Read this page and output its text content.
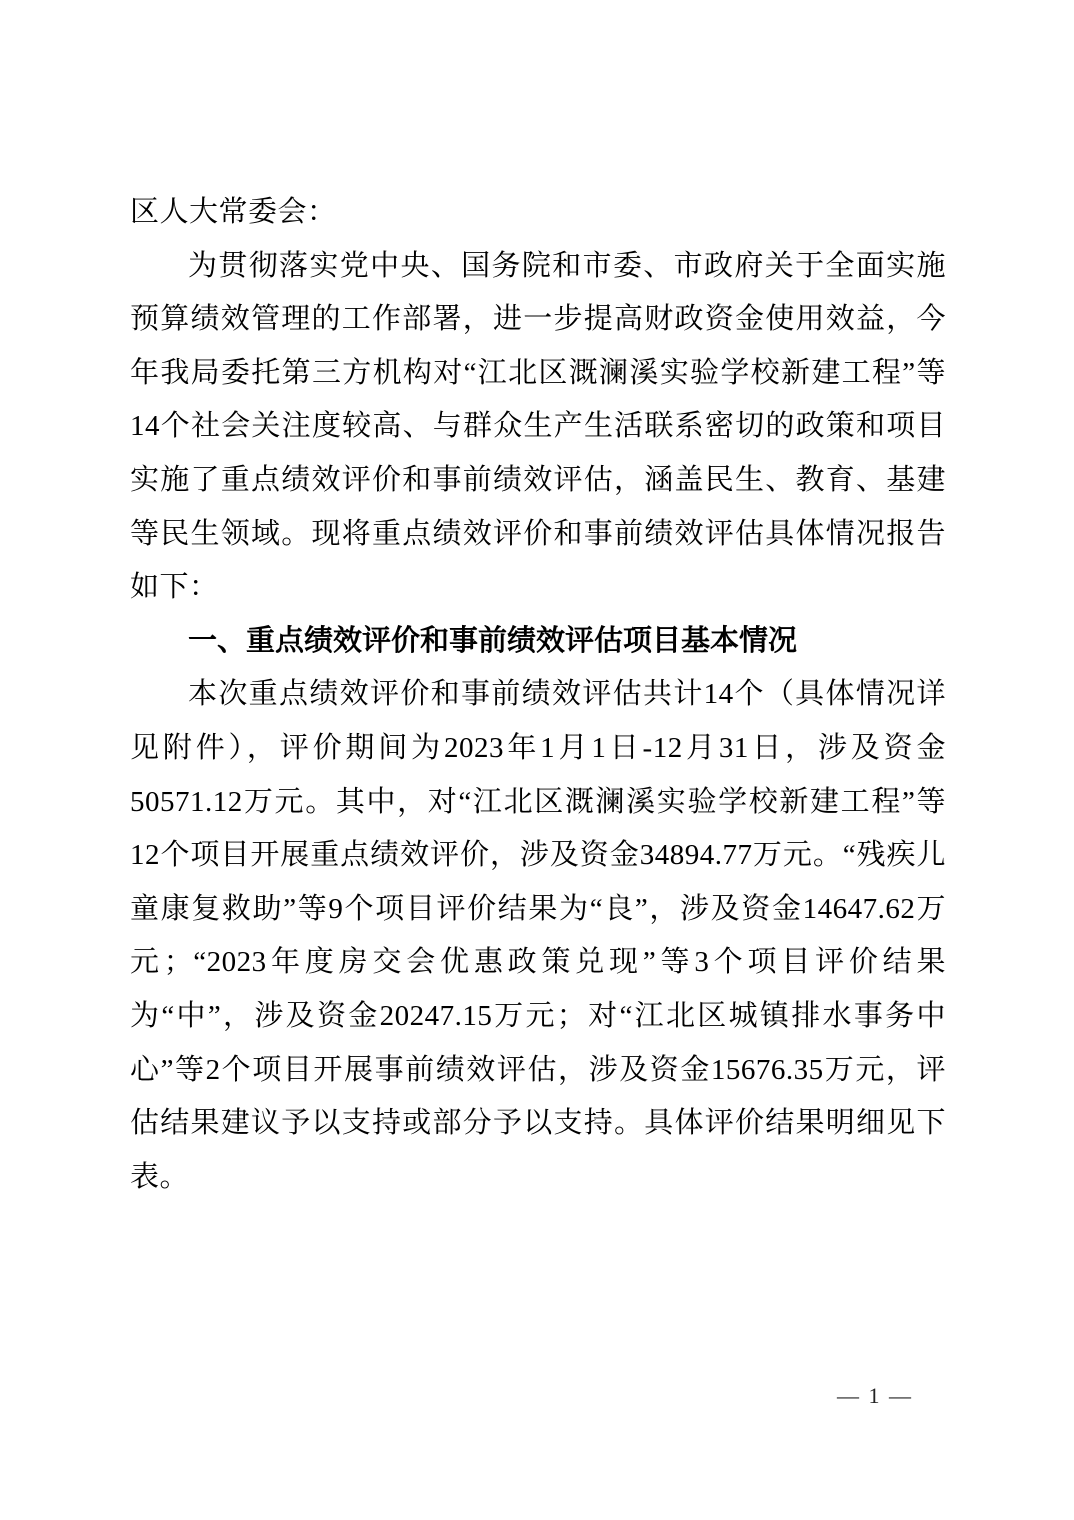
区人大常委会：

为贯彻落实党中央、国务院和市委、市政府关于全面实施预算绩效管理的工作部署，进一步提高财政资金使用效益，今年我局委托第三方机构对“江北区溉澜溪实验学校新建工程”等14个社会关注度较高、与群众生产生活联系密切的政策和项目实施了重点绩效评价和事前绩效评估，涵盖民生、教育、基建等民生领域。现将重点绩效评价和事前绩效评估具体情况报告如下：

一、重点绩效评价和事前绩效评估项目基本情况

本次重点绩效评价和事前绩效评估共计14个（具体情况详见附件），评价期间为2023年1月1日-12月31日，涉及资金50571.12万元。其中，对“江北区溉澜溪实验学校新建工程”等12个项目开展重点绩效评价，涉及资金34894.77万元。“残疾儿童康复救助”等9个项目评价结果为“良”，涉及资金14647.62万元；“2023年度房交会优惠政策兑现”等3个项目评价结果为“中”，涉及资金20247.15万元；对“江北区城镇排水事务中心”等2个项目开展事前绩效评估，涉及资金15676.35万元，评估结果建议予以支持或部分予以支持。具体评价结果明细见下表。

— 1 —
